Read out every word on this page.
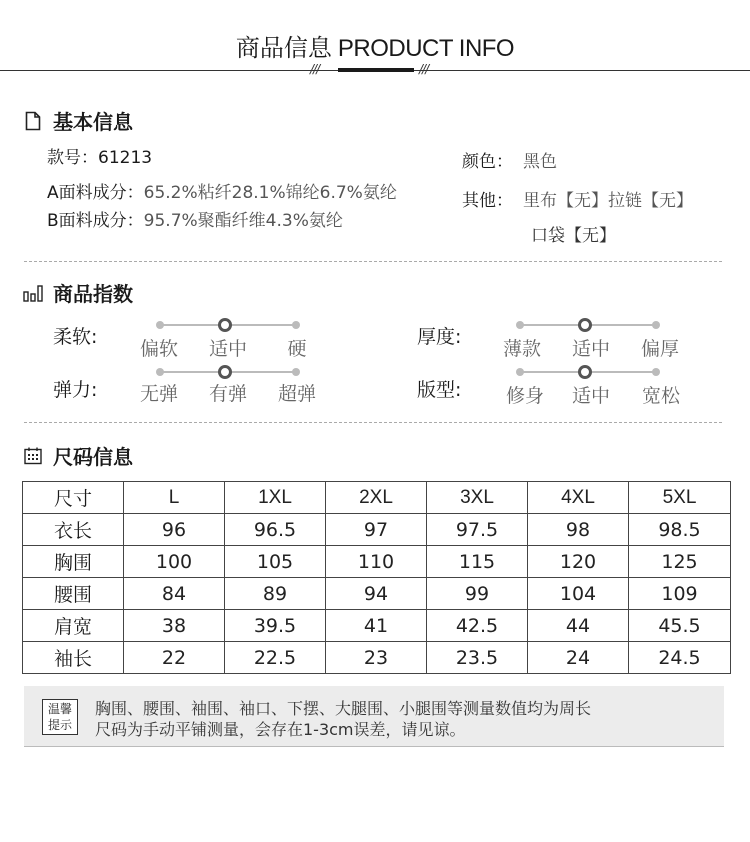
商品信息 PRODUCT INFO
///	///
基本信息
款号：61213
A面料成分：65.2%粘纤28.1%锦纶6.7%氨纶
B面料成分：95.7%聚酯纤维4.3%氨纶
颜色： 黑色
其他： 里布【无】拉链【无】
口袋【无】
商品指数
柔软:
偏软	适中	硬
厚度:
薄款	适中	偏厚
弹力:	无弹	有弹	超弹	版型:	修身	适中	宽松
尺码信息
尺寸	L	1XL	2XL	3XL	4XL	5XL
衣长	96	96.5	97	97.5	98	98.5
胸围	100	105	110	115	120	125
腰围	84	89	94	99	104	109
肩宽	38	39.5	41	42.5	44	45.5
袖长	22	22.5	23	23.5	24	24.5
温馨
提示
胸围、腰围、袖围、袖口、下摆、大腿围、小腿围等测量数值均为周长
尺码为手动平铺测量，会存在1-3cm误差，请见谅。
